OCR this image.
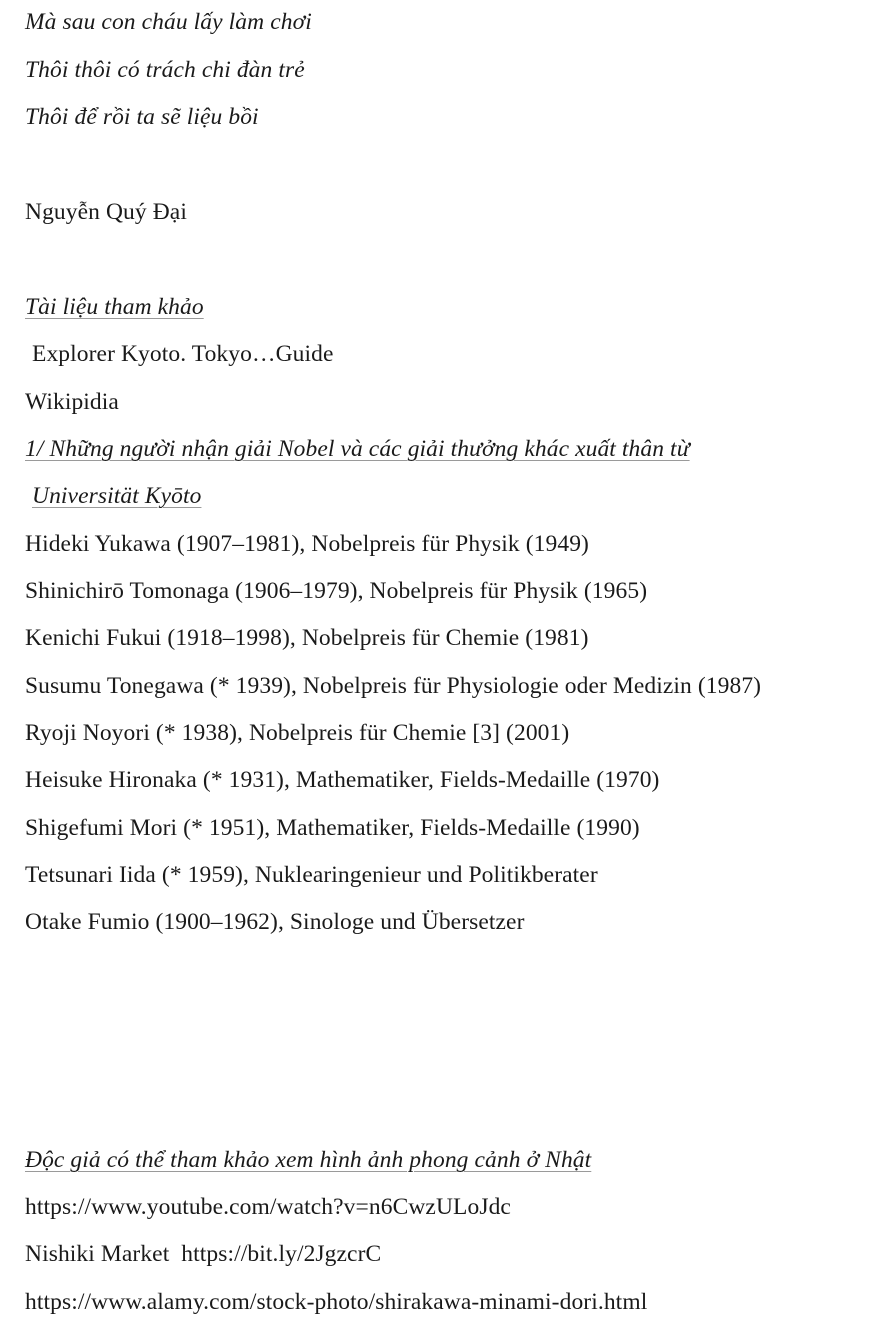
Mà sau con cháu lấy làm chơi
Thôi thôi có trách chi đàn trẻ
Thôi để rồi ta sẽ liệu bồi
Nguyễn Quý Đại
Tài liệu tham khảo
Explorer Kyoto. Tokyo…Guide
Wikipidia
1/ Những người nhận giải Nobel và các giải thưởng khác xuất thân từ
Universität Kyōto
Hideki Yukawa (1907–1981), Nobelpreis für Physik (1949)
Shinichirō Tomonaga (1906–1979), Nobelpreis für Physik (1965)
Kenichi Fukui (1918–1998), Nobelpreis für Chemie (1981)
Susumu Tonegawa (* 1939), Nobelpreis für Physiologie oder Medizin (1987)
Ryoji Noyori (* 1938), Nobelpreis für Chemie [3] (2001)
Heisuke Hironaka (* 1931), Mathematiker, Fields-Medaille (1970)
Shigefumi Mori (* 1951), Mathematiker, Fields-Medaille (1990)
Tetsunari Iida (* 1959), Nuklearingenieur und Politikberater
Otake Fumio (1900–1962), Sinologe und Übersetzer
Độc giả có thể tham khảo xem hình ảnh phong cảnh ở Nhật
https://www.youtube.com/watch?v=n6CwzULoJdc
Nishiki Market https://bit.ly/2JgzcrC
https://www.alamy.com/stock-photo/shirakawa-minami-dori.html
